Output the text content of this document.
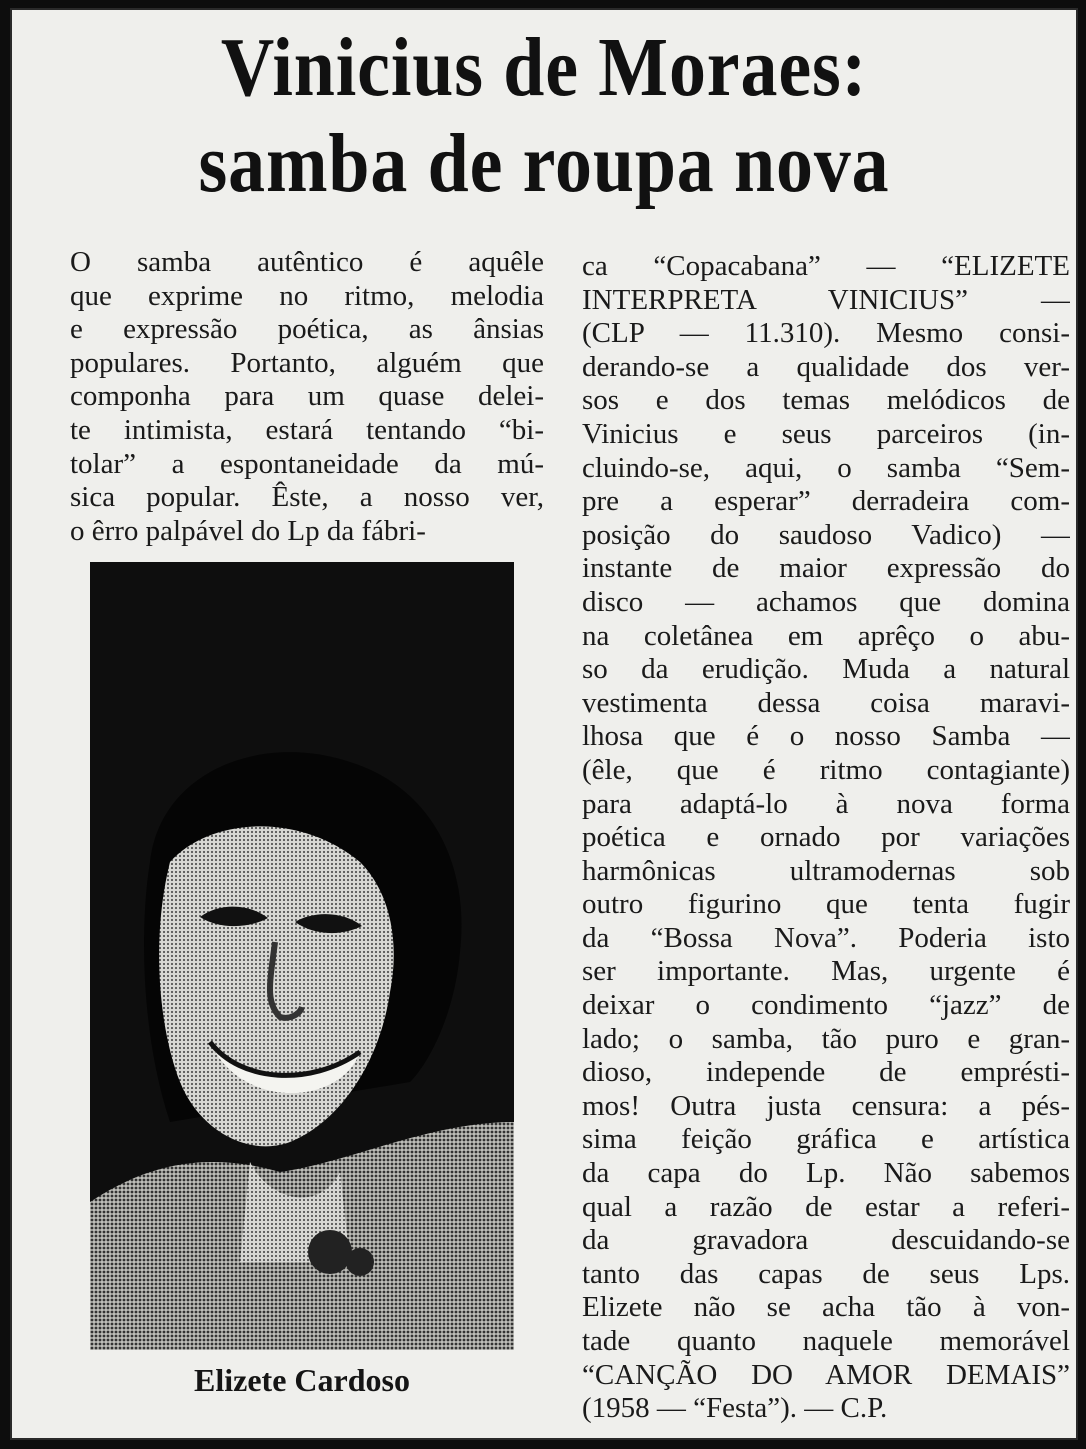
Vinicius de Moraes:
samba de roupa nova
O samba autêntico é aquêle
que exprime no ritmo, melodia
e expressão poética, as ânsias
populares. Portanto, alguém que
componha para um quase delei-
te intimista, estará tentando “bi-
tolar” a espontaneidade da mú-
sica popular. Êste, a nosso ver,
o êrro palpável do Lp da fábri-
Elizete Cardoso
ca “Copacabana” — “ELIZETE
INTERPRETA VINICIUS” —
(CLP — 11.310). Mesmo consi-
derando-se a qualidade dos ver-
sos e dos temas melódicos de
Vinicius e seus parceiros (in-
cluindo-se, aqui, o samba “Sem-
pre a esperar” derradeira com-
posição do saudoso Vadico) —
instante de maior expressão do
disco — achamos que domina
na coletânea em aprêço o abu-
so da erudição. Muda a natural
vestimenta dessa coisa maravi-
lhosa que é o nosso Samba —
(êle, que é ritmo contagiante)
para adaptá-lo à nova forma
poética e ornado por variações
harmônicas ultramodernas sob
outro figurino que tenta fugir
da “Bossa Nova”. Poderia isto
ser importante. Mas, urgente é
deixar o condimento “jazz” de
lado; o samba, tão puro e gran-
dioso, independe de emprésti-
mos! Outra justa censura: a pés-
sima feição gráfica e artística
da capa do Lp. Não sabemos
qual a razão de estar a referi-
da gravadora descuidando-se
tanto das capas de seus Lps.
Elizete não se acha tão à von-
tade quanto naquele memorável
“CANÇÃO DO AMOR DEMAIS”
(1958 — “Festa”). — C.P.
